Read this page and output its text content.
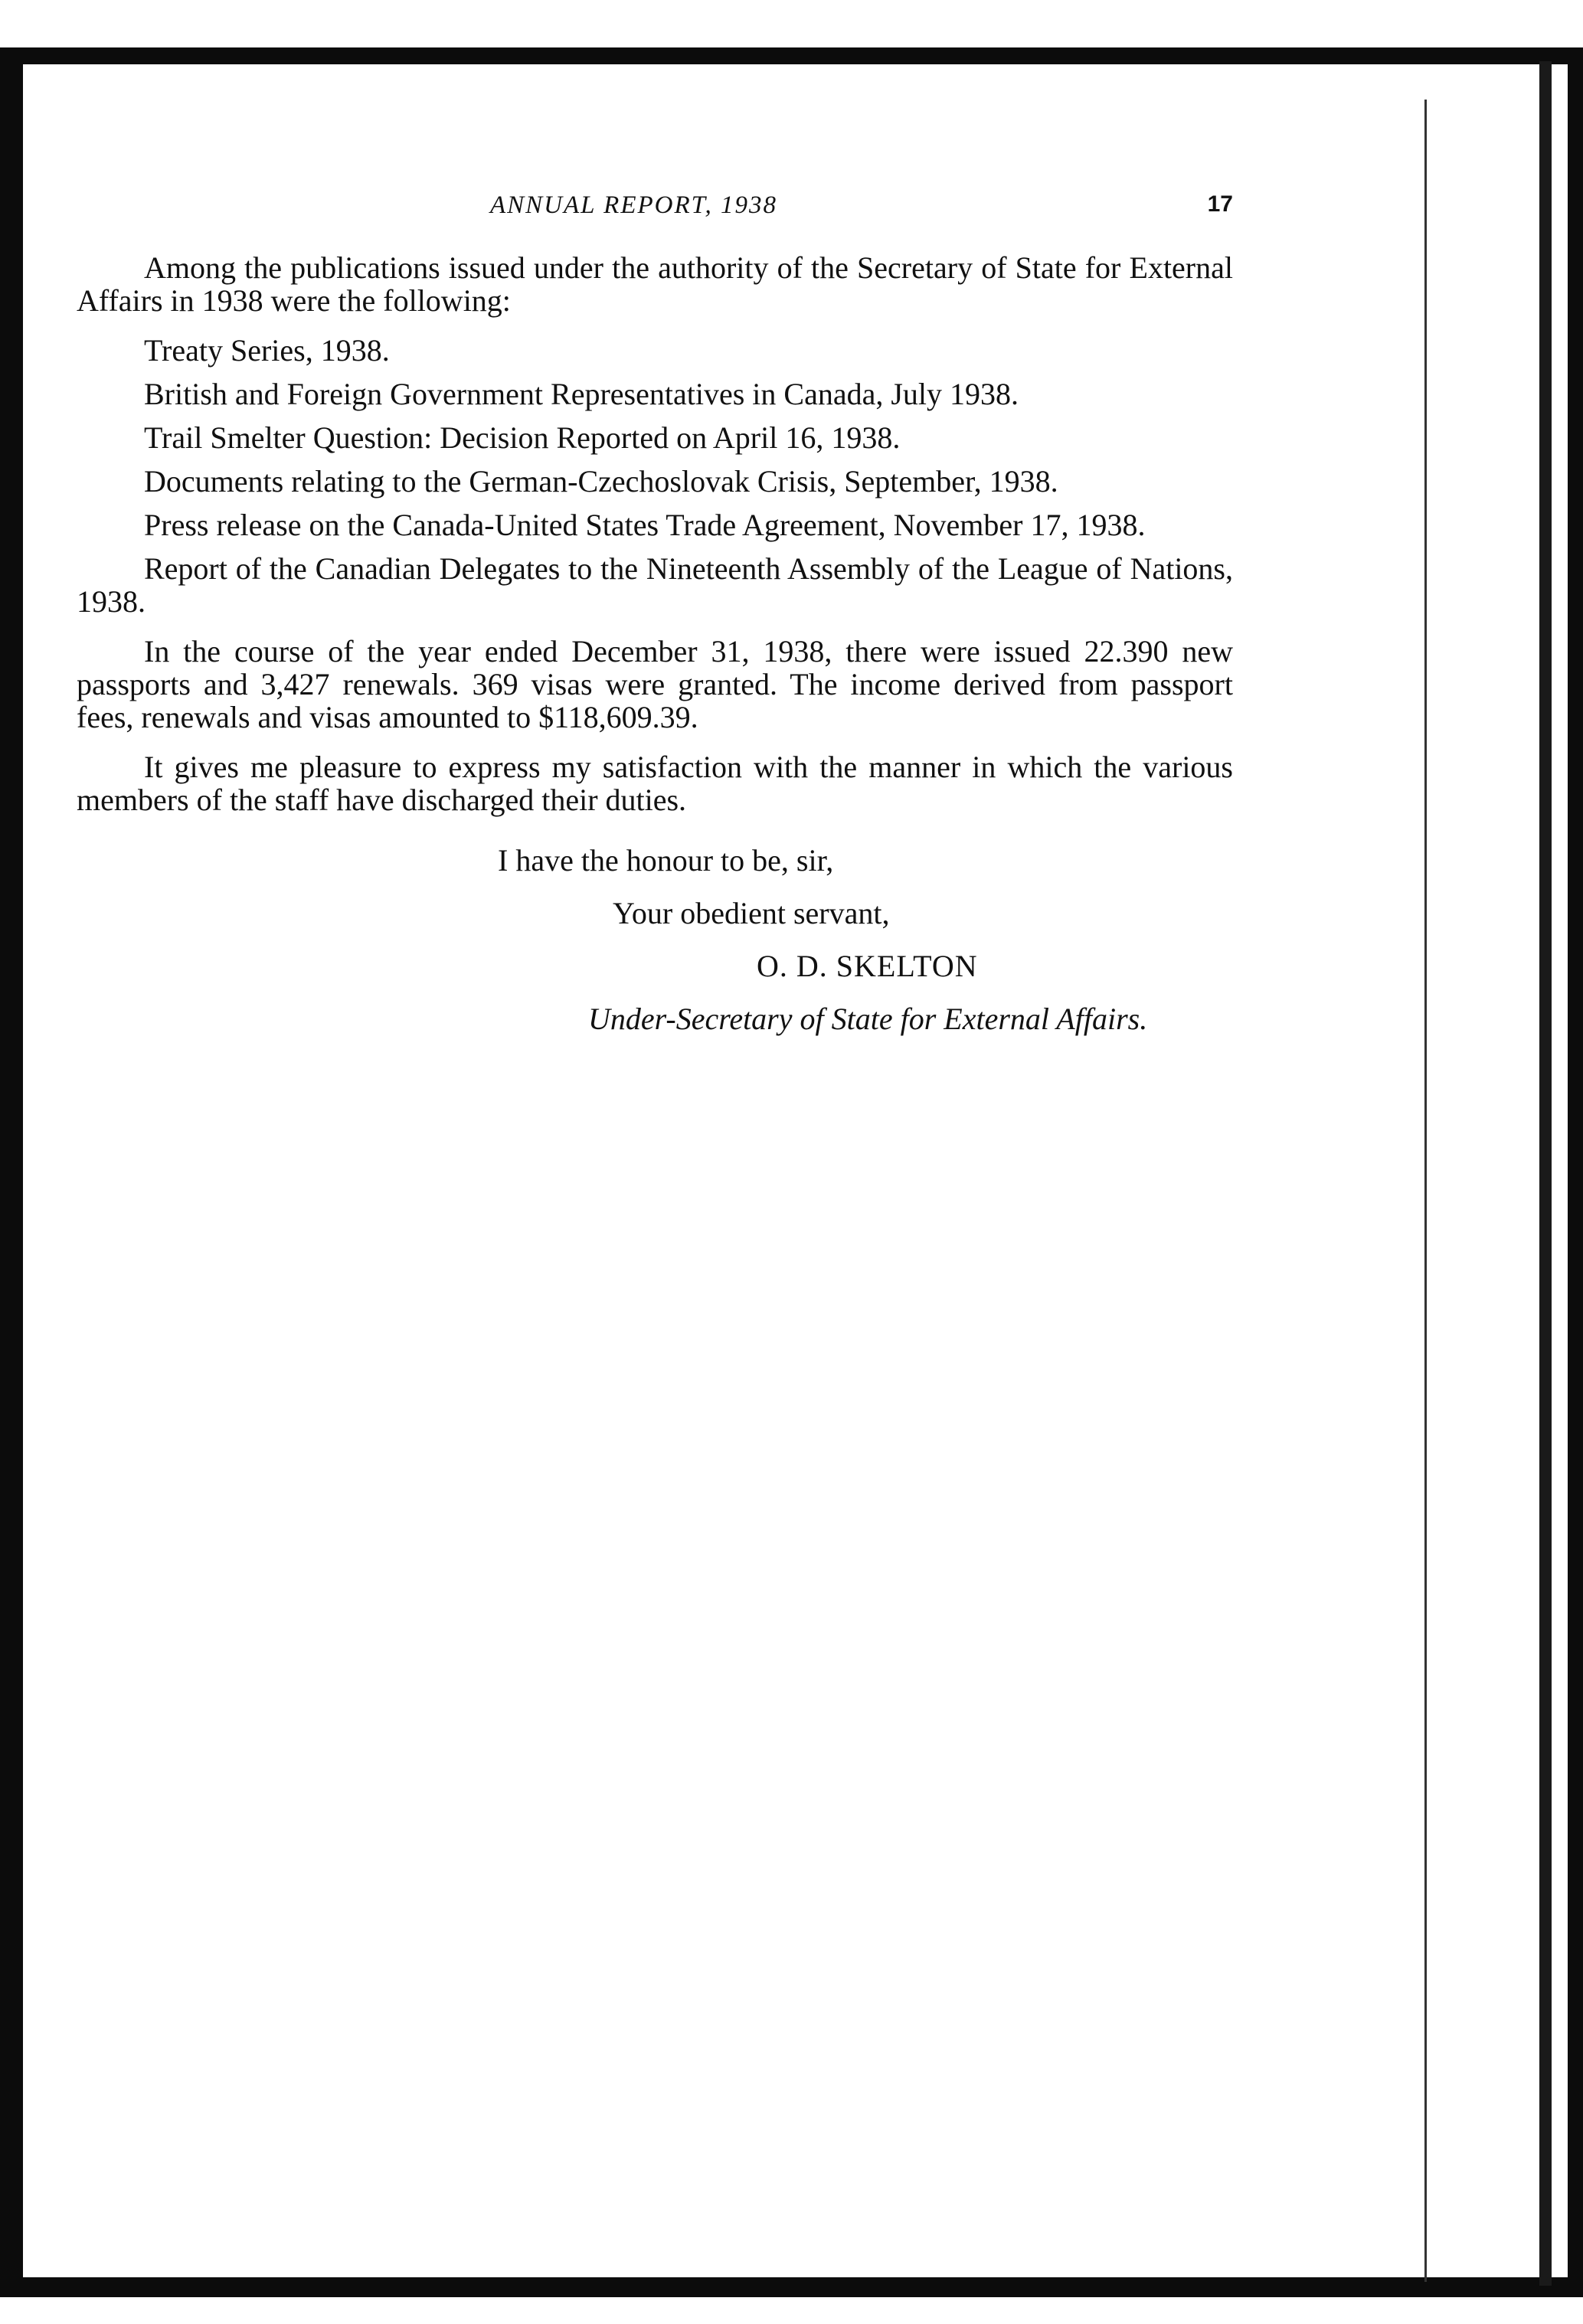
ANNUAL REPORT, 1938	17

Among the publications issued under the authority of the Secretary of State for External Affairs in 1938 were the following:

Treaty Series, 1938.

British and Foreign Government Representatives in Canada, July 1938.

Trail Smelter Question: Decision Reported on April 16, 1938.

Documents relating to the German-Czechoslovak Crisis, September, 1938.

Press release on the Canada-United States Trade Agreement, November 17, 1938.

Report of the Canadian Delegates to the Nineteenth Assembly of the League of Nations, 1938.

In the course of the year ended December 31, 1938, there were issued 22.390 new passports and 3,427 renewals. 369 visas were granted. The income derived from passport fees, renewals and visas amounted to $118,609.39.

It gives me pleasure to express my satisfaction with the manner in which the various members of the staff have discharged their duties.

I have the honour to be, sir,
Your obedient servant,
O. D. SKELTON
Under-Secretary of State for External Affairs.
